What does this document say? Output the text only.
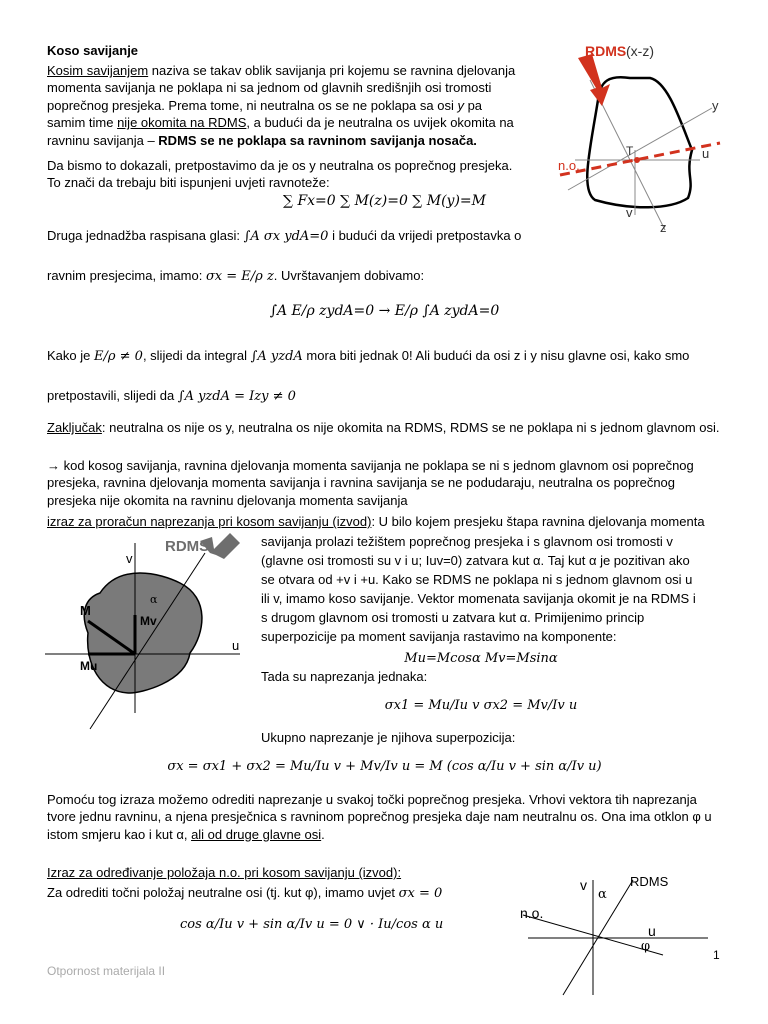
Koso savijanje
Kosim savijanjem naziva se takav oblik savijanja pri kojemu se ravnina djelovanja momenta savijanja ne poklapa ni sa jednom od glavnih središnjih osi tromosti poprečnog presjeka. Prema tome, ni neutralna os se ne poklapa sa osi y pa samim time nije okomita na RDMS, a budući da je neutralna os uvijek okomita na ravninu savijanja – RDMS se ne poklapa sa ravninom savijanja nosača.
Da bismo to dokazali, pretpostavimo da je os y neutralna os poprečnog presjeka. To znači da trebaju biti ispunjeni uvjeti ravnoteže:
∑ Fx=0 ∑ M(z)=0 ∑ M(y)=M
Druga jednadžba raspisana glasi: ∫A σx ydA=0 i budući da vrijedi pretpostavka o
ravnim presjecima, imamo: σx = E/ρ z. Uvrštavanjem dobivamo:
∫A E/ρ zydA=0 → E/ρ ∫A zydA=0
Kako je E/ρ ≠ 0, slijedi da integral ∫A yzdA mora biti jednak 0! Ali budući da osi z i y nisu glavne osi, kako smo
pretpostavili, slijedi da ∫A yzdA = Izy ≠ 0
Zaključak: neutralna os nije os y, neutralna os nije okomita na RDMS, RDMS se ne poklapa ni s jednom glavnom osi.
→ kod kosog savijanja, ravnina djelovanja momenta savijanja ne poklapa se ni s jednom glavnom osi poprečnog presjeka, ravnina djelovanja momenta savijanja i ravnina savijanja se ne podudaraju, neutralna os poprečnog presjeka nije okomita na ravninu djelovanja momenta savijanja
izraz za proračun naprezanja pri kosom savijanju (izvod): U bilo kojem presjeku štapa ravnina djelovanja momenta
savijanja prolazi težištem poprečnog presjeka i s glavnom osi tromosti v (glavne osi tromosti su v i u; Iuv=0) zatvara kut α. Taj kut α je pozitivan ako se otvara od +v i +u. Kako se RDMS ne poklapa ni s jednom glavnom osi u ili v, imamo koso savijanje. Vektor momenata savijanja okomit je na RDMS i s drugom glavnom osi tromosti u zatvara kut α. Primijenimo princip superpozicije pa moment savijanja rastavimo na komponente:
Mu=Mcosα Mv=Msinα
Tada su naprezanja jednaka:
σx1 = Mu/Iu v σx2 = Mv/Iv u
Ukupno naprezanje je njihova superpozicija:
σx = σx1 + σx2 = Mu/Iu v + Mv/Iv u = M (cos α/Iu v + sin α/Iv u)
Pomoću tog izraza možemo odrediti naprezanje u svakoj točki poprečnog presjeka. Vrhovi vektora tih naprezanja tvore jednu ravninu, a njena presječnica s ravninom poprečnog presjeka daje nam neutralnu os. Ona ima otklon φ u istom smjeru kao i kut α, ali od druge glavne osi.
Izraz za određivanje položaja n.o. pri kosom savijanju (izvod):
Za odrediti točni položaj neutralne osi (tj. kut φ), imamo uvjet σx = 0
cos α/Iu v + sin α/Iv u = 0 ∨ · Iu/cos α u
Otpornost materijala II
1
RDMS (x-z)
y
u
v
z
n.o.
T
RDMS
v
u
α
M
Mv
Mu
v
α
RDMS
n.o.
u
φ
